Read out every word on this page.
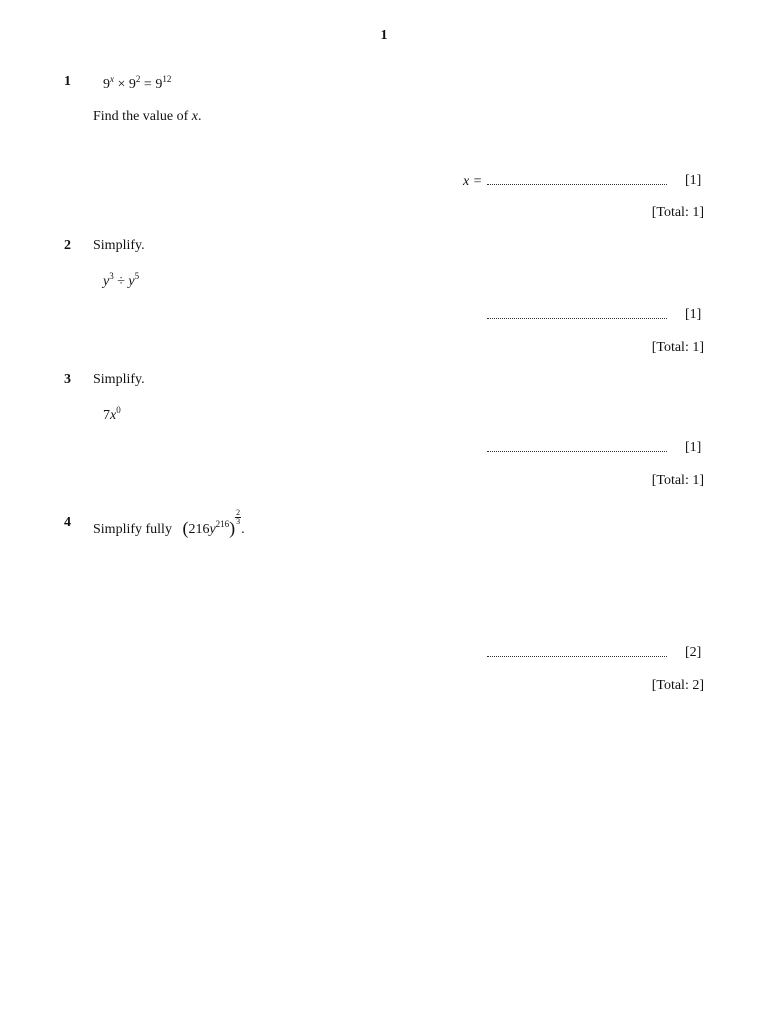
1
1 $9^x \times 9^2 = 9^{12}$
Find the value of x.
x =	[1]
[Total: 1]
2 Simplify.
$y^3 \div y^5$
[1]
[Total: 1]
3 Simplify.
$7x^0$
[1]
[Total: 1]
4 Simplify fully $(216y^{216})$
$\frac{2}{3}$
.
[2]
[Total: 2]
